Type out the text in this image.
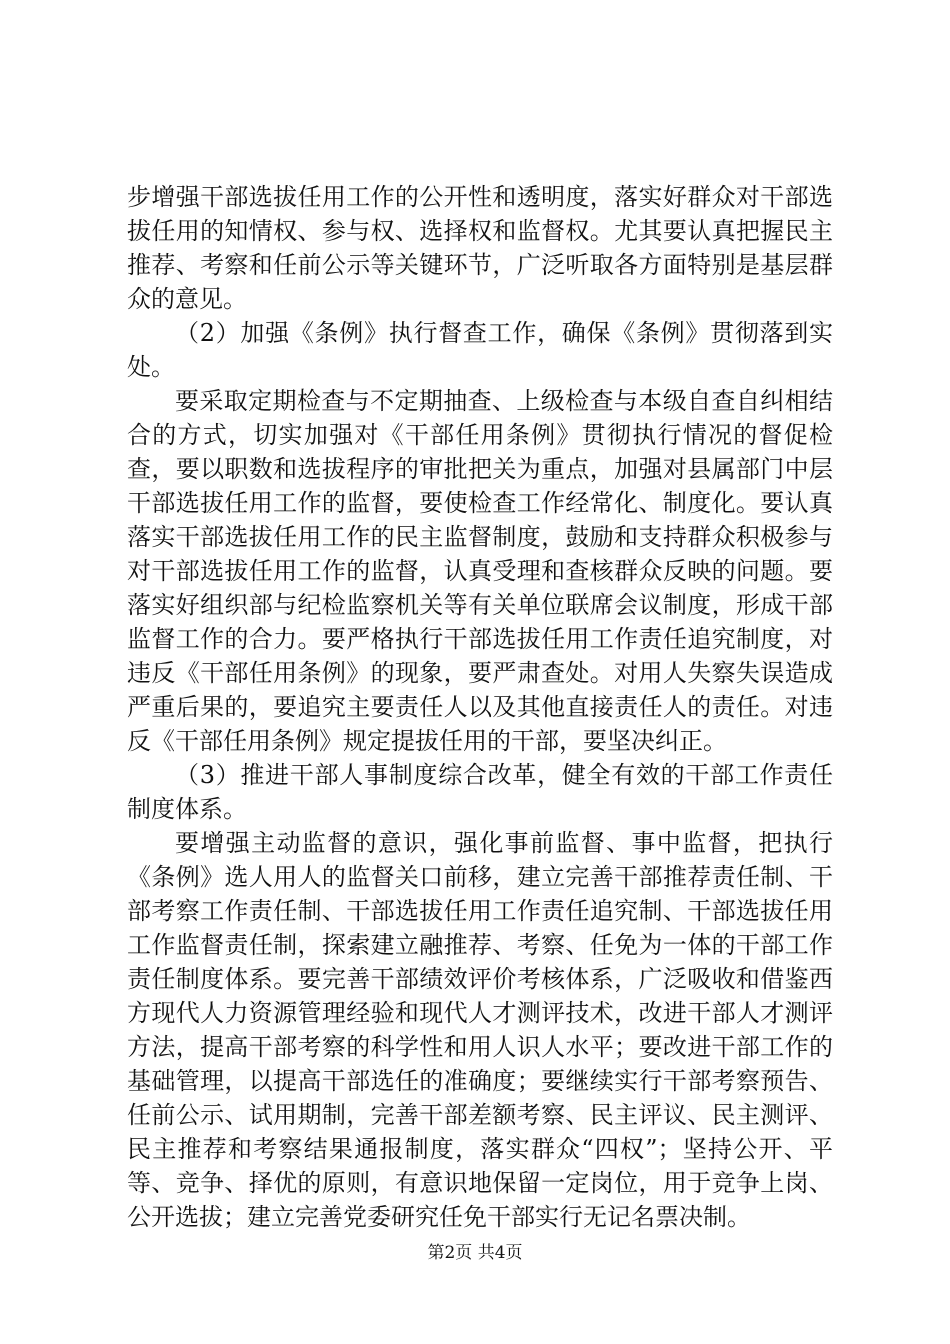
步增强干部选拔任用工作的公开性和透明度，落实好群众对干部选拔任用的知情权、参与权、选择权和监督权。尤其要认真把握民主推荐、考察和任前公示等关键环节，广泛听取各方面特别是基层群众的意见。

（2）加强《条例》执行督查工作，确保《条例》贯彻落到实处。

要采取定期检查与不定期抽查、上级检查与本级自查自纠相结合的方式，切实加强对《干部任用条例》贯彻执行情况的督促检查，要以职数和选拔程序的审批把关为重点，加强对县属部门中层干部选拔任用工作的监督，要使检查工作经常化、制度化。要认真落实干部选拔任用工作的民主监督制度，鼓励和支持群众积极参与对干部选拔任用工作的监督，认真受理和查核群众反映的问题。要落实好组织部与纪检监察机关等有关单位联席会议制度，形成干部监督工作的合力。要严格执行干部选拔任用工作责任追究制度，对违反《干部任用条例》的现象，要严肃查处。对用人失察失误造成严重后果的，要追究主要责任人以及其他直接责任人的责任。对违反《干部任用条例》规定提拔任用的干部，要坚决纠正。

（3）推进干部人事制度综合改革，健全有效的干部工作责任制度体系。

要增强主动监督的意识，强化事前监督、事中监督，把执行《条例》选人用人的监督关口前移，建立完善干部推荐责任制、干部考察工作责任制、干部选拔任用工作责任追究制、干部选拔任用工作监督责任制，探索建立融推荐、考察、任免为一体的干部工作责任制度体系。要完善干部绩效评价考核体系，广泛吸收和借鉴西方现代人力资源管理经验和现代人才测评技术，改进干部人才测评方法，提高干部考察的科学性和用人识人水平；要改进干部工作的基础管理，以提高干部选任的准确度；要继续实行干部考察预告、任前公示、试用期制，完善干部差额考察、民主评议、民主测评、民主推荐和考察结果通报制度，落实群众“四权”；坚持公开、平等、竞争、择优的原则，有意识地保留一定岗位，用于竞争上岗、公开选拔；建立完善党委研究任免干部实行无记名票决制。

第2页 共4页
